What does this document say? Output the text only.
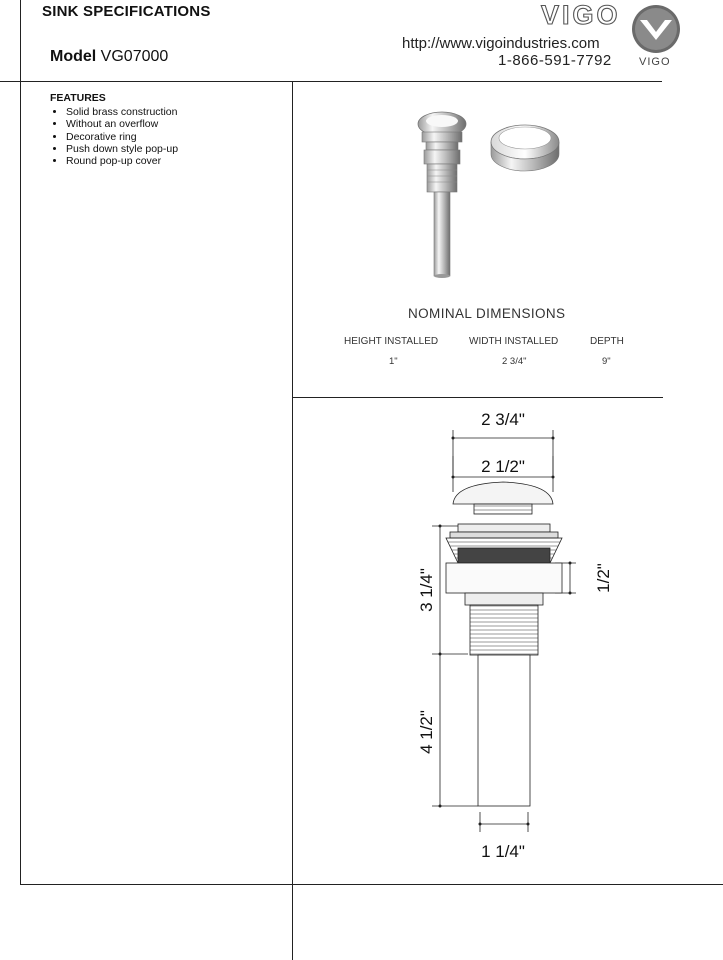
SINK SPECIFICATIONS
Model VG07000
VIGO
http://www.vigoindustries.com
1-866-591-7792 VIGO
FEATURES
• Solid brass construction
• Without an overflow
• Decorative ring
• Push down style pop-up
• Round pop-up cover
NOMINAL DIMENSIONS
HEIGHT INSTALLED	WIDTH INSTALLED	DEPTH
1"	2 3/4"	9"
2 3/4"
2 1/2"
1 1/4"
3 1/4"
4 1/2"
1/2"
